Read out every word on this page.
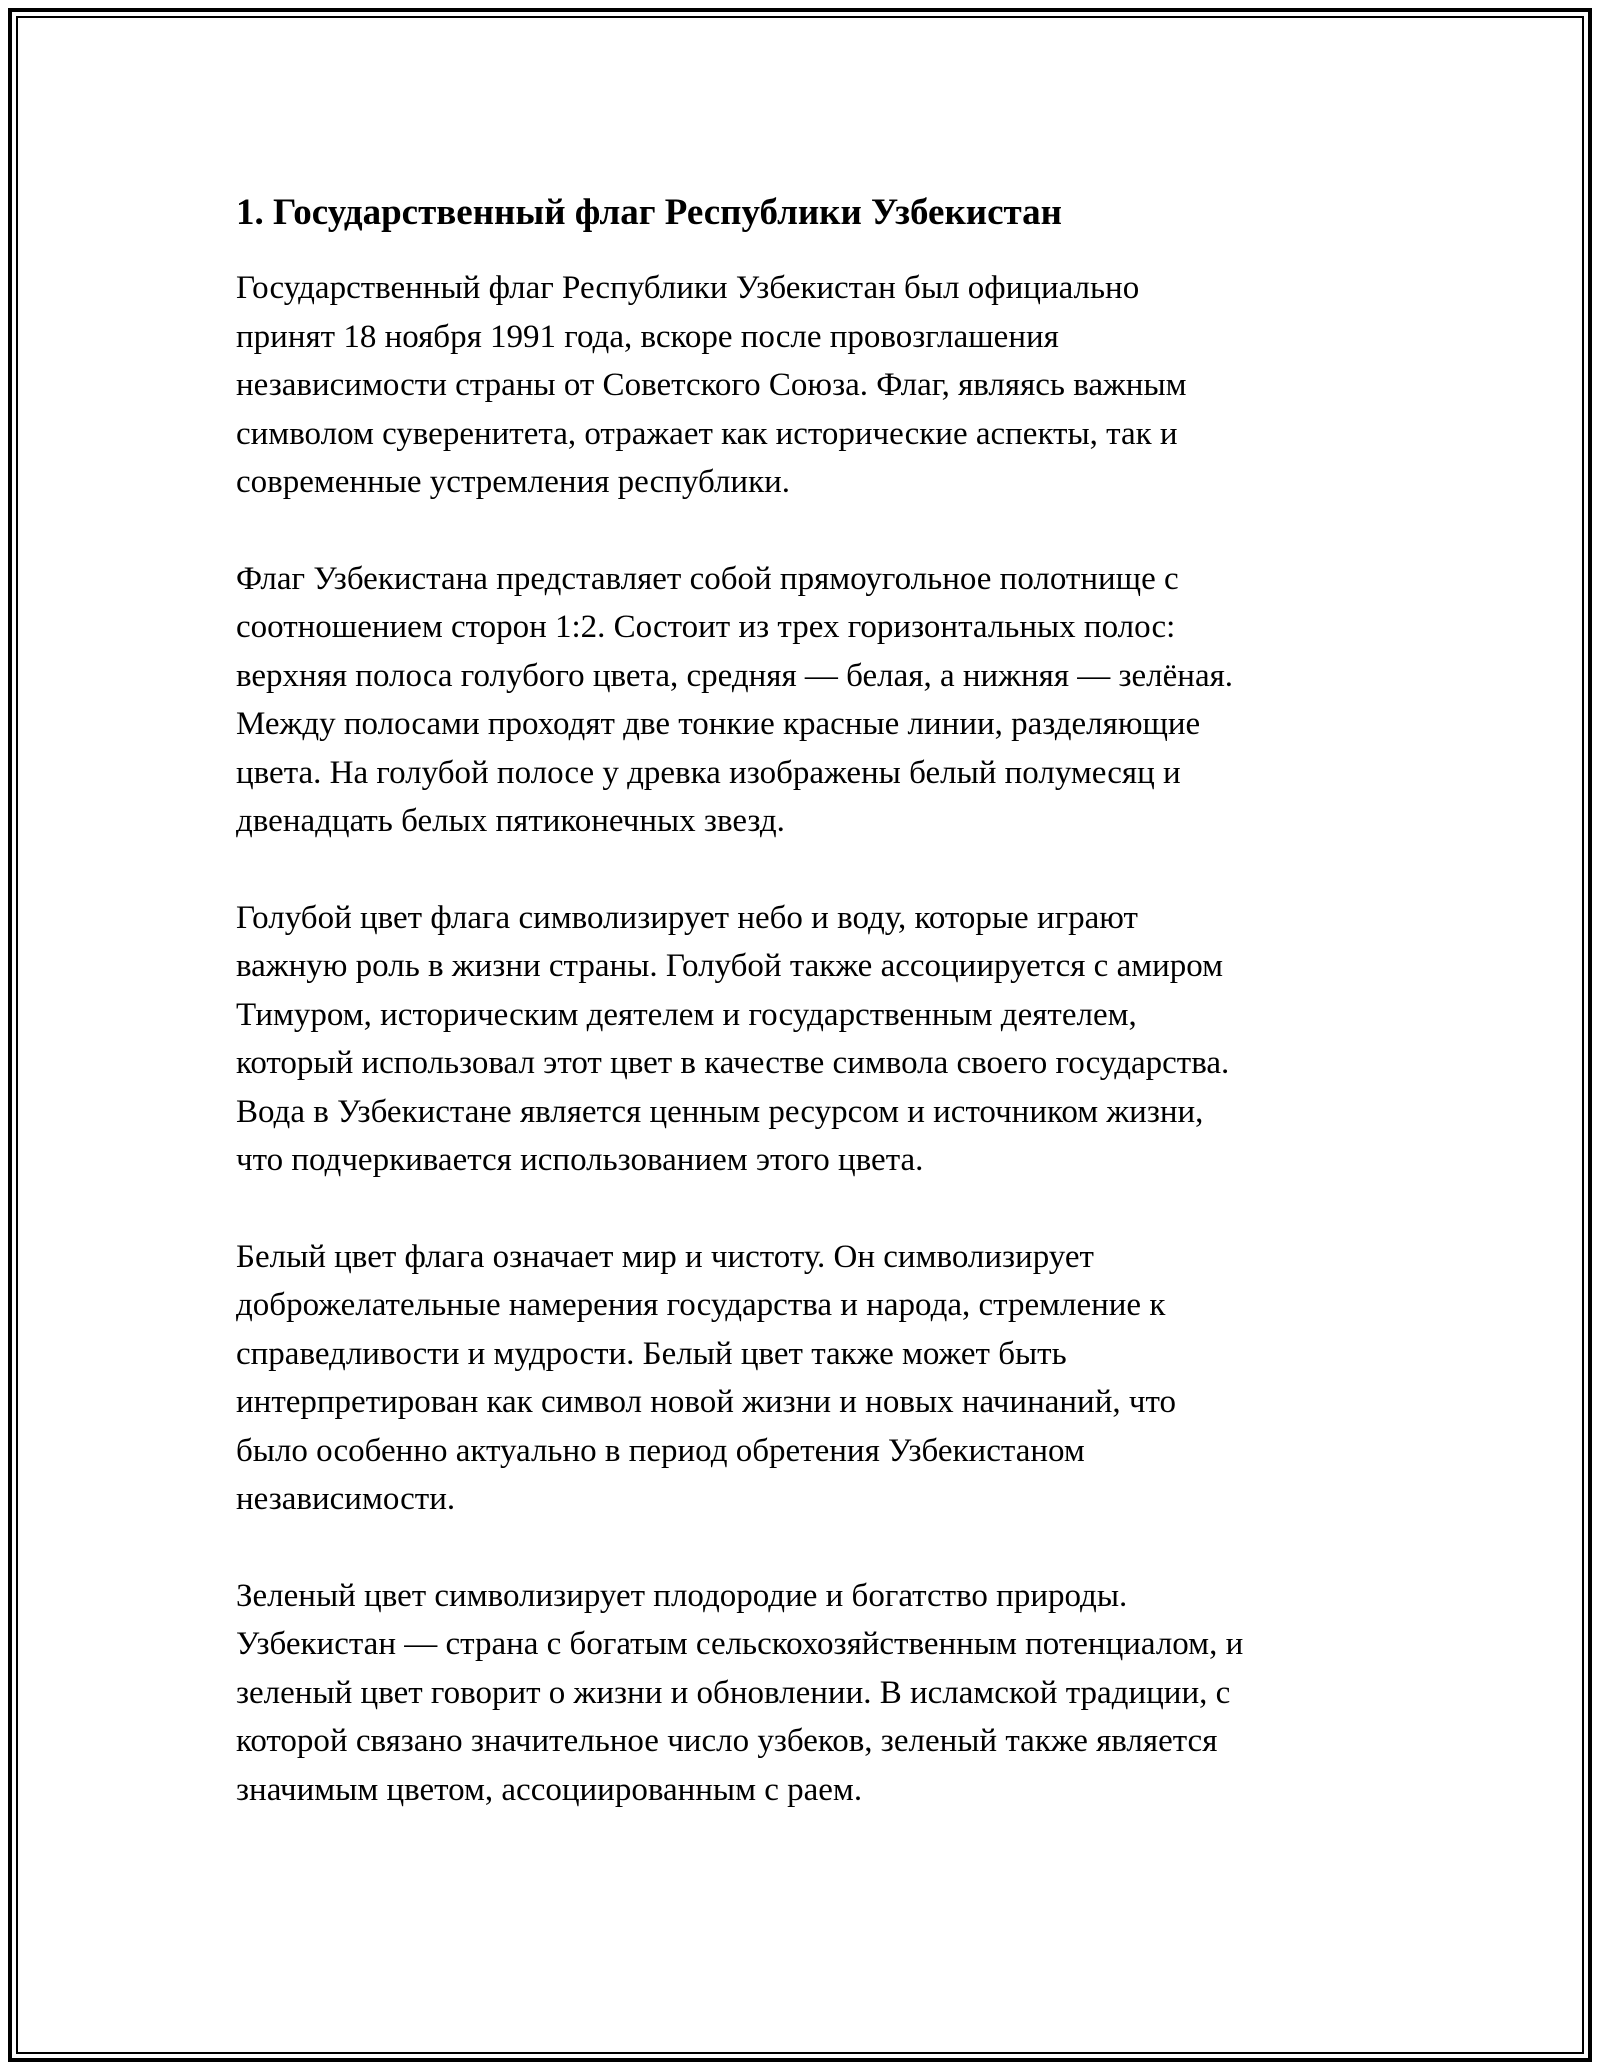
1. Государственный флаг Республики Узбекистан

Государственный флаг Республики Узбекистан был официально
принят 18 ноября 1991 года, вскоре после провозглашения
независимости страны от Советского Союза. Флаг, являясь важным
символом суверенитета, отражает как исторические аспекты, так и
современные устремления республики.

Флаг Узбекистана представляет собой прямоугольное полотнище с
соотношением сторон 1:2. Состоит из трех горизонтальных полос:
верхняя полоса голубого цвета, средняя — белая, а нижняя — зелёная.
Между полосами проходят две тонкие красные линии, разделяющие
цвета. На голубой полосе у древка изображены белый полумесяц и
двенадцать белых пятиконечных звезд.

Голубой цвет флага символизирует небо и воду, которые играют
важную роль в жизни страны. Голубой также ассоциируется с амиром
Тимуром, историческим деятелем и государственным деятелем,
который использовал этот цвет в качестве символа своего государства.
Вода в Узбекистане является ценным ресурсом и источником жизни,
что подчеркивается использованием этого цвета.

Белый цвет флага означает мир и чистоту. Он символизирует
доброжелательные намерения государства и народа, стремление к
справедливости и мудрости. Белый цвет также может быть
интерпретирован как символ новой жизни и новых начинаний, что
было особенно актуально в период обретения Узбекистаном
независимости.

Зеленый цвет символизирует плодородие и богатство природы.
Узбекистан — страна с богатым сельскохозяйственным потенциалом, и
зеленый цвет говорит о жизни и обновлении. В исламской традиции, с
которой связано значительное число узбеков, зеленый также является
значимым цветом, ассоциированным с раем.
